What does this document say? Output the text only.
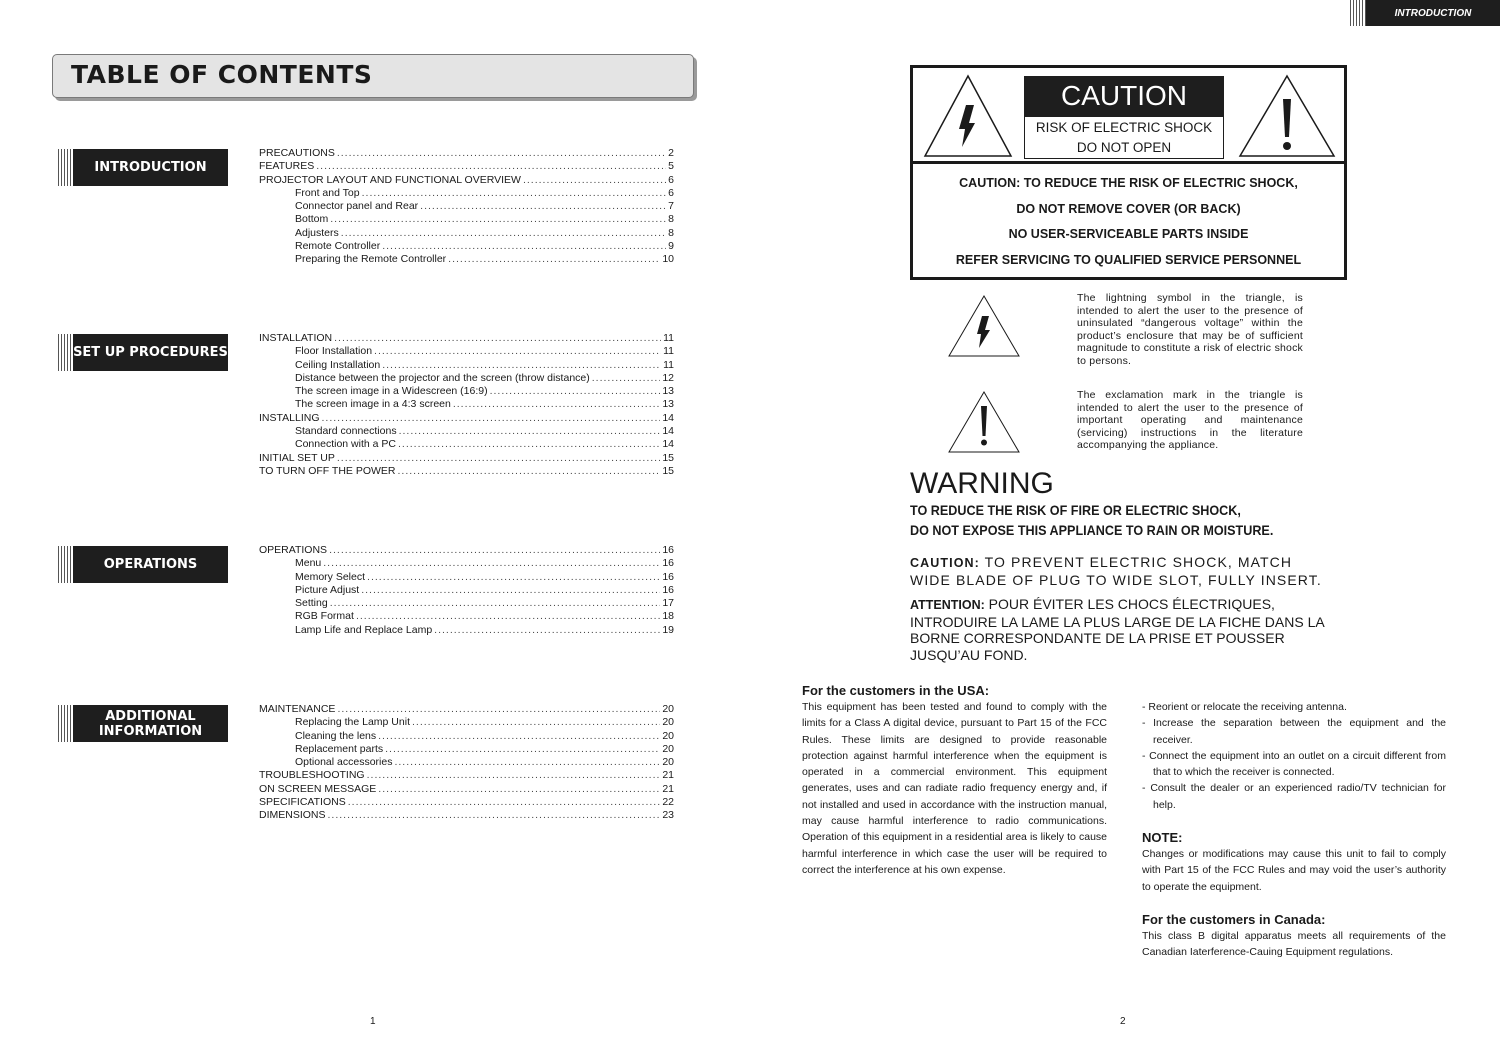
TABLE OF CONTENTS
INTRODUCTION
PRECAUTIONS .....	2
FEATURES .....	5
PROJECTOR LAYOUT AND FUNCTIONAL OVERVIEW .....	6
Front and Top .....	6
Connector panel and Rear .....	7
Bottom .....	8
Adjusters .....	8
Remote Controller .....	9
Preparing the Remote Controller .....	10
SET UP PROCEDURES
INSTALLATION .....	11
Floor Installation .....	11
Ceiling Installation .....	11
Distance between the projector and the screen (throw distance) .....	12
The screen image in a Widescreen (16:9) .....	13
The screen image in a 4:3 screen .....	13
INSTALLING .....	14
Standard connections .....	14
Connection with a PC .....	14
INITIAL SET UP .....	15
TO TURN OFF THE POWER .....	15
OPERATIONS
OPERATIONS .....	16
Menu .....	16
Memory Select .....	16
Picture Adjust .....	16
Setting .....	17
RGB Format .....	18
Lamp Life and Replace Lamp .....	19
ADDITIONAL
INFORMATION
MAINTENANCE .....	20
Replacing the Lamp Unit .....	20
Cleaning the lens .....	20
Replacement parts .....	20
Optional accessories .....	20
TROUBLESHOOTING .....	21
ON SCREEN MESSAGE .....	21
SPECIFICATIONS .....	22
DIMENSIONS .....	23
1
INTRODUCTION
CAUTION
RISK OF ELECTRIC SHOCK
DO NOT OPEN
CAUTION: TO REDUCE THE RISK OF ELECTRIC SHOCK,
DO NOT REMOVE COVER (OR BACK)
NO USER-SERVICEABLE PARTS INSIDE
REFER SERVICING TO QUALIFIED SERVICE PERSONNEL
The lightning symbol in the triangle, is intended to alert the user to the presence of uninsulated “dangerous voltage” within the product’s enclosure that may be of sufficient magnitude to constitute a risk of electric shock to persons.
The exclamation mark in the triangle is intended to alert the user to the presence of important operating and maintenance (servicing) instructions in the literature accompanying the appliance.
WARNING
TO REDUCE THE RISK OF FIRE OR ELECTRIC SHOCK,
DO NOT EXPOSE THIS APPLIANCE TO RAIN OR MOISTURE.
CAUTION: TO PREVENT ELECTRIC SHOCK, MATCH WIDE BLADE OF PLUG TO WIDE SLOT, FULLY INSERT.
ATTENTION: POUR ÉVITER LES CHOCS ÉLECTRIQUES, INTRODUIRE LA LAME LA PLUS LARGE DE LA FICHE DANS LA BORNE CORRESPONDANTE DE LA PRISE ET POUSSER JUSQU’AU FOND.
For the customers in the USA:

This equipment has been tested and found to comply with the limits for a Class A digital device, pursuant to Part 15 of the FCC Rules. These limits are designed to provide reasonable protection against harmful interference when the equipment is operated in a commercial environment. This equipment generates, uses and can radiate radio frequency energy and, if not installed and used in accordance with the instruction manual, may cause harmful interference to radio communications. Operation of this equipment in a residential area is likely to cause harmful interference in which case the user will be required to correct the interference at his own expense.

- Reorient or relocate the receiving antenna.
- Increase the separation between the equipment and the receiver.
- Connect the equipment into an outlet on a circuit different from that to which the receiver is connected.
- Consult the dealer or an experienced radio/TV technician for help.
NOTE:

Changes or modifications may cause this unit to fail to comply with Part 15 of the FCC Rules and may void the user’s authority to operate the equipment.

For the customers in Canada:

This class B digital apparatus meets all requirements of the Canadian Iaterference-Cauing Equipment regulations.

2
